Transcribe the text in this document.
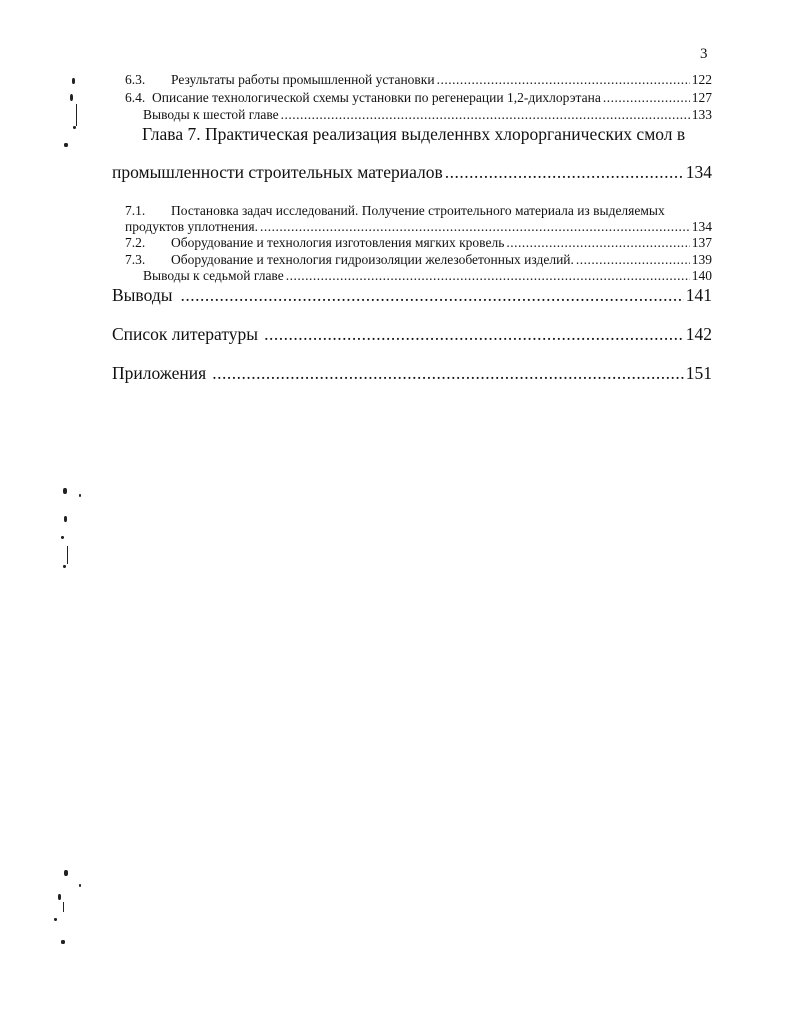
3
6.3.	Результаты работы промышленной установки .....	122
6.4. Описание технологической схемы установки по регенерации 1,2-дихлорэтана .....	127
Выводы к шестой главе .....	133
Глава 7. Практическая реализация выделеннвх хлорорганических смол в
промышленности строительных материалов .....	134
7.1. Постановка задач исследований. Получение строительного материала из выделяемых
продуктов уплотнения. .....	134
7.2.	Оборудование и технология изготовления мягких кровель .....	137
7.3.	Оборудование и технология гидроизоляции железобетонных изделий. .....	139
Выводы к седьмой главе .....	140
Выводы .....	141
Список литературы .....	142
Приложения .....	151
